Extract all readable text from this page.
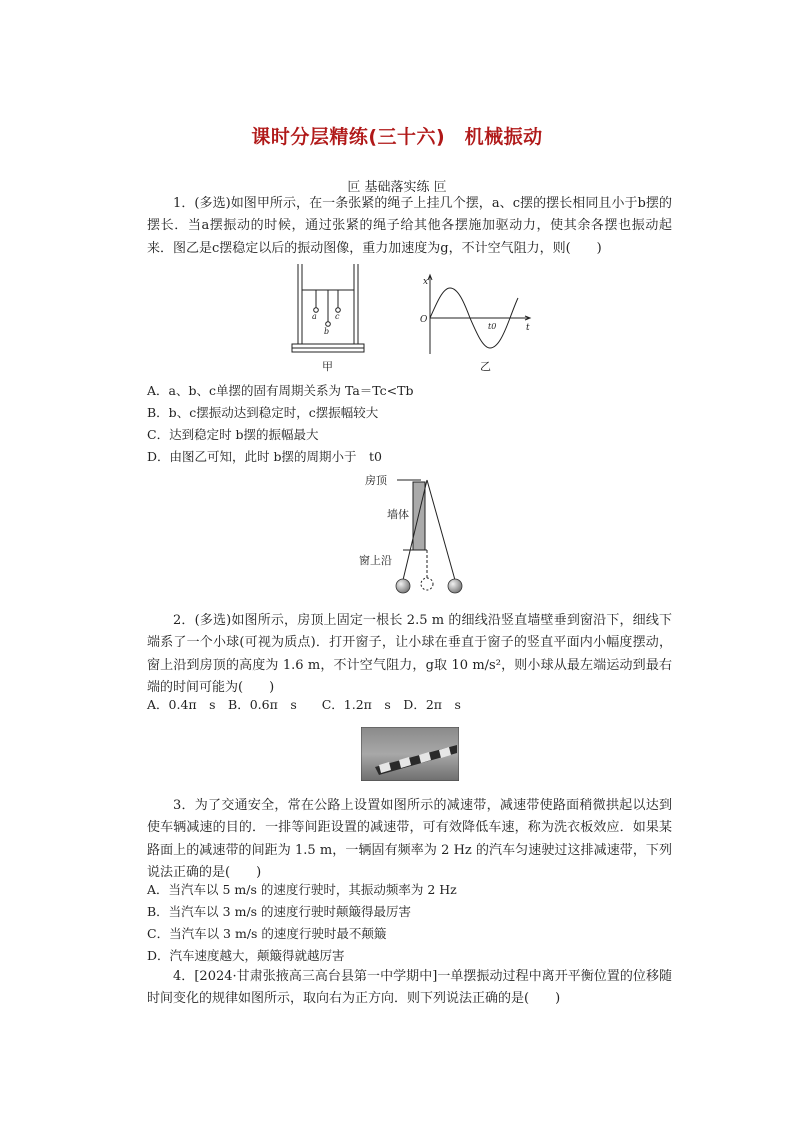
课时分层精练(三十六)　机械振动
叵 基础落实练 叵
1．(多选)如图甲所示，在一条张紧的绳子上挂几个摆，a、c摆的摆长相同且小于b摆的摆长．当a摆振动的时候，通过张紧的绳子给其他各摆施加驱动力，使其余各摆也振动起来．图乙是c摆稳定以后的振动图像，重力加速度为g，不计空气阻力，则(　　)
a
b
c
甲
x
t
O
t0
乙
A．a、b、c单摆的固有周期关系为 Ta＝Tc<Tb
B．b、c摆振动达到稳定时，c摆振幅较大
C．达到稳定时 b摆的振幅最大
D．由图乙可知，此时 b摆的周期小于　t0
房顶
墙体
窗上沿
2．(多选)如图所示，房顶上固定一根长 2.5 m 的细线沿竖直墙壁垂到窗沿下，细线下端系了一个小球(可视为质点)．打开窗子，让小球在垂直于窗子的竖直平面内小幅度摆动，窗上沿到房顶的高度为 1.6 m，不计空气阻力，g取 10 m/s²，则小球从最左端运动到最右端的时间可能为(　　)
A．0.4π　s　B．0.6π　s　　C．1.2π　s　D．2π　s
3．为了交通安全，常在公路上设置如图所示的减速带，减速带使路面稍微拱起以达到使车辆减速的目的．一排等间距设置的减速带，可有效降低车速，称为洗衣板效应．如果某路面上的减速带的间距为 1.5 m，一辆固有频率为 2 Hz 的汽车匀速驶过这排减速带，下列说法正确的是(　　)
A．当汽车以 5 m/s 的速度行驶时，其振动频率为 2 Hz
B．当汽车以 3 m/s 的速度行驶时颠簸得最厉害
C．当汽车以 3 m/s 的速度行驶时最不颠簸
D．汽车速度越大，颠簸得就越厉害
4．[2024·甘肃张掖高三高台县第一中学期中]一单摆振动过程中离开平衡位置的位移随时间变化的规律如图所示，取向右为正方向．则下列说法正确的是(　　)
